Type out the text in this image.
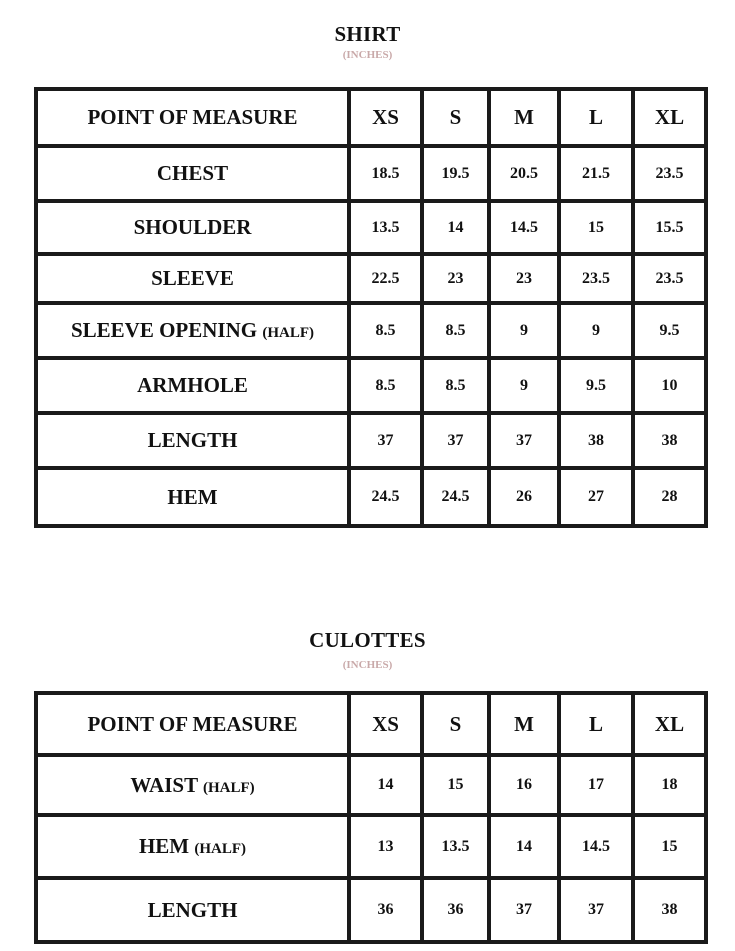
SHIRT
(INCHES)
POINT OF MEASURE	XS	S	M	L	XL
CHEST	18.5	19.5	20.5	21.5	23.5
SHOULDER	13.5	14	14.5	15	15.5
SLEEVE	22.5	23	23	23.5	23.5
SLEEVE OPENING (HALF)	8.5	8.5	9	9	9.5
ARMHOLE	8.5	8.5	9	9.5	10
LENGTH	37	37	37	38	38
HEM	24.5	24.5	26	27	28
CULOTTES
(INCHES)
POINT OF MEASURE	XS	S	M	L	XL
WAIST (HALF)	14	15	16	17	18
HEM (HALF)	13	13.5	14	14.5	15
LENGTH	36	36	37	37	38
